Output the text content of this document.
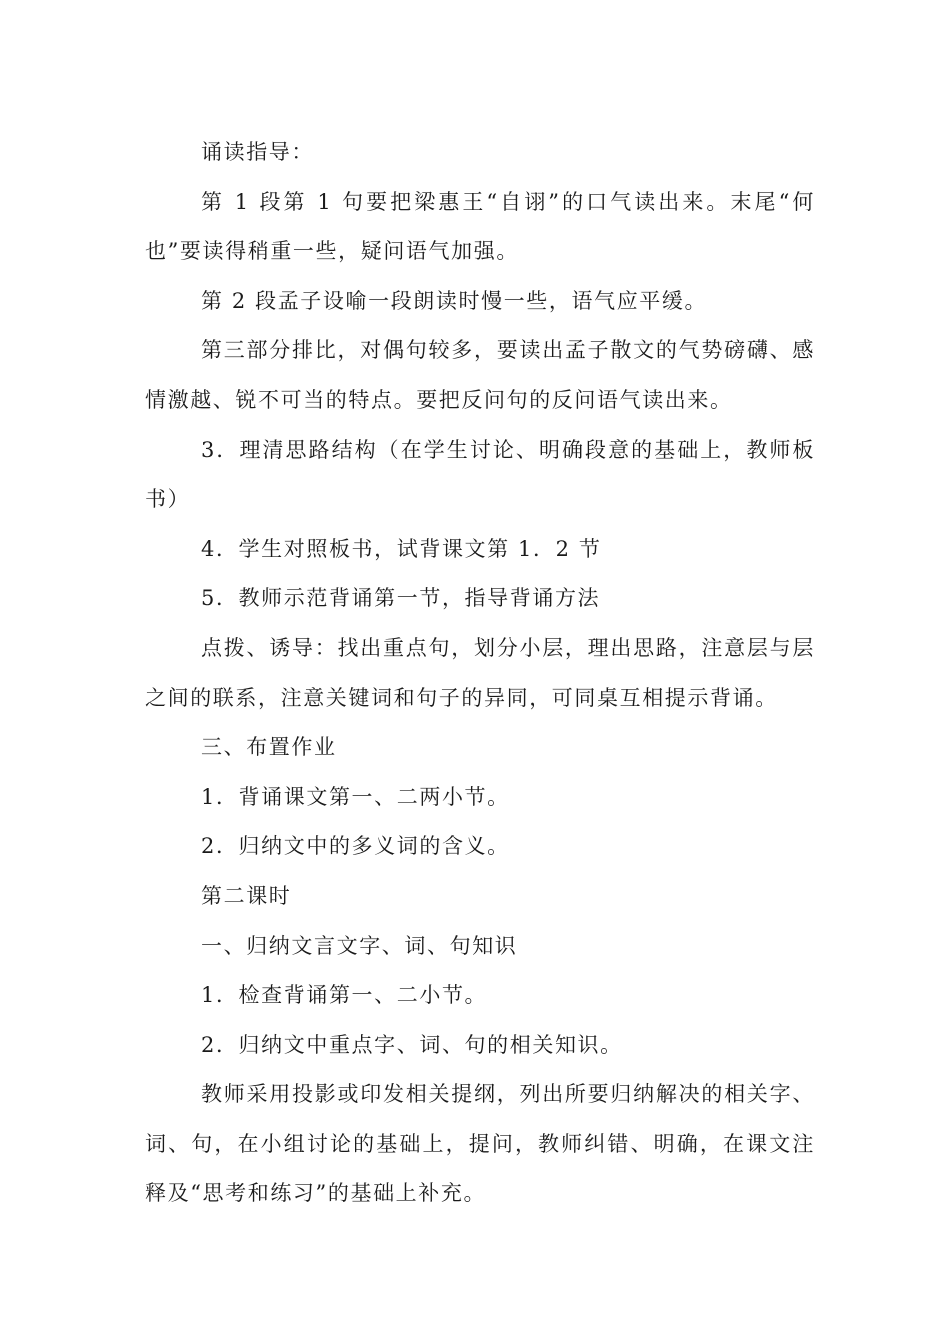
诵读指导：

第 1 段第 1 句要把梁惠王“自诩”的口气读出来。末尾“何也”要读得稍重一些，疑问语气加强。

第 2 段孟子设喻一段朗读时慢一些，语气应平缓。

第三部分排比，对偶句较多，要读出孟子散文的气势磅礴、感情激越、锐不可当的特点。要把反问句的反问语气读出来。

3．理清思路结构（在学生讨论、明确段意的基础上，教师板书）

4．学生对照板书，试背课文第 1．2 节

5．教师示范背诵第一节，指导背诵方法

点拨、诱导：找出重点句，划分小层，理出思路，注意层与层之间的联系，注意关键词和句子的异同，可同桌互相提示背诵。

三、布置作业

1．背诵课文第一、二两小节。

2．归纳文中的多义词的含义。

第二课时

一、归纳文言文字、词、句知识

1．检查背诵第一、二小节。

2．归纳文中重点字、词、句的相关知识。

教师采用投影或印发相关提纲，列出所要归纳解决的相关字、词、句，在小组讨论的基础上，提问，教师纠错、明确，在课文注释及“思考和练习”的基础上补充。
